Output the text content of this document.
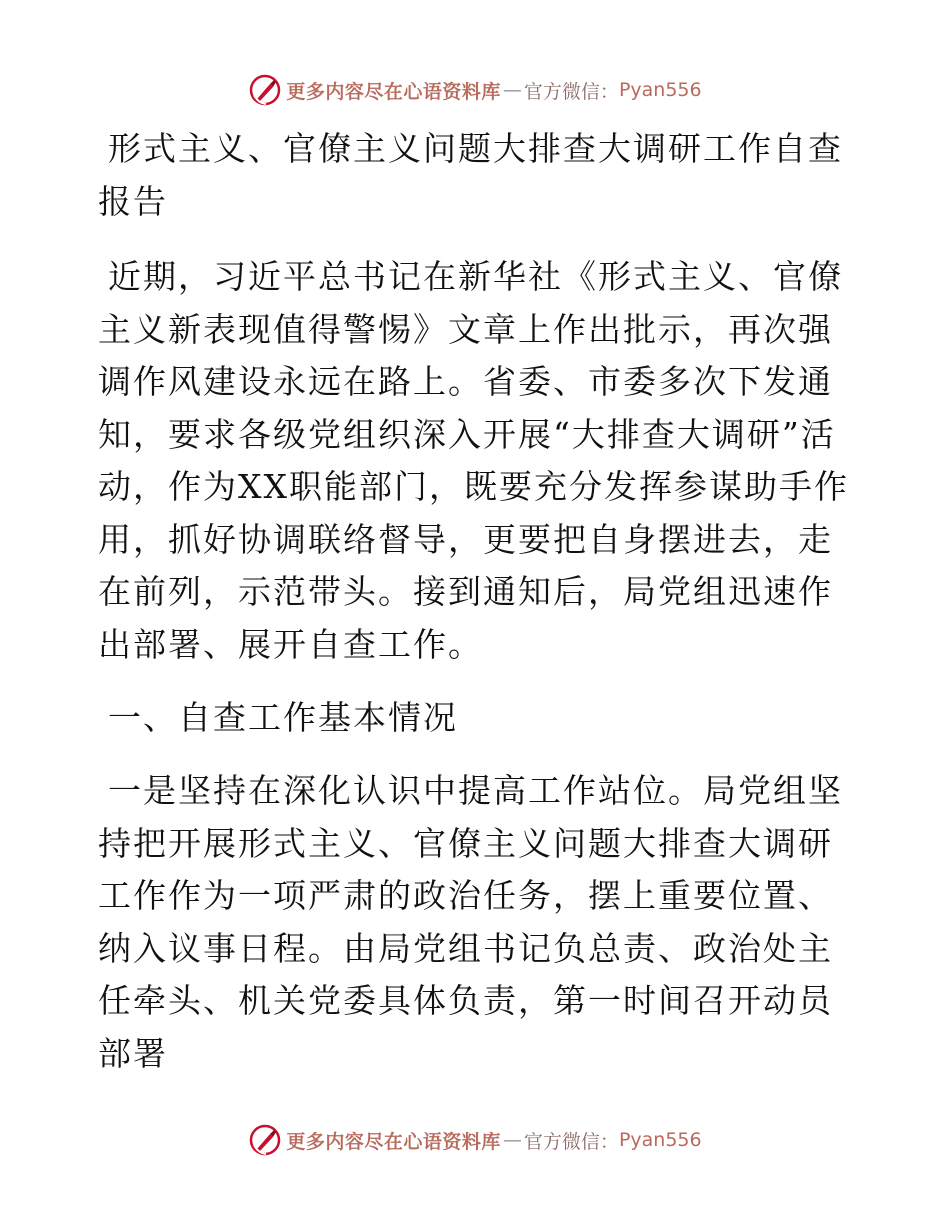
更多内容尽在心语资料库 — 官方微信： Pyan556
形式主义、官僚主义问题大排查大调研工作自查报告

近期，习近平总书记在新华社《形式主义、官僚主义新表现值得警惕》文章上作出批示，再次强调作风建设永远在路上。省委、市委多次下发通知，要求各级党组织深入开展“大排查大调研”活动，作为XX职能部门，既要充分发挥参谋助手作用，抓好协调联络督导，更要把自身摆进去，走在前列，示范带头。接到通知后，局党组迅速作出部署、展开自查工作。

一、自查工作基本情况

一是坚持在深化认识中提高工作站位。局党组坚持把开展形式主义、官僚主义问题大排查大调研工作作为一项严肃的政治任务，摆上重要位置、纳入议事日程。由局党组书记负总责、政治处主任牵头、机关党委具体负责，第一时间召开动员部署

更多内容尽在心语资料库 — 官方微信： Pyan556
